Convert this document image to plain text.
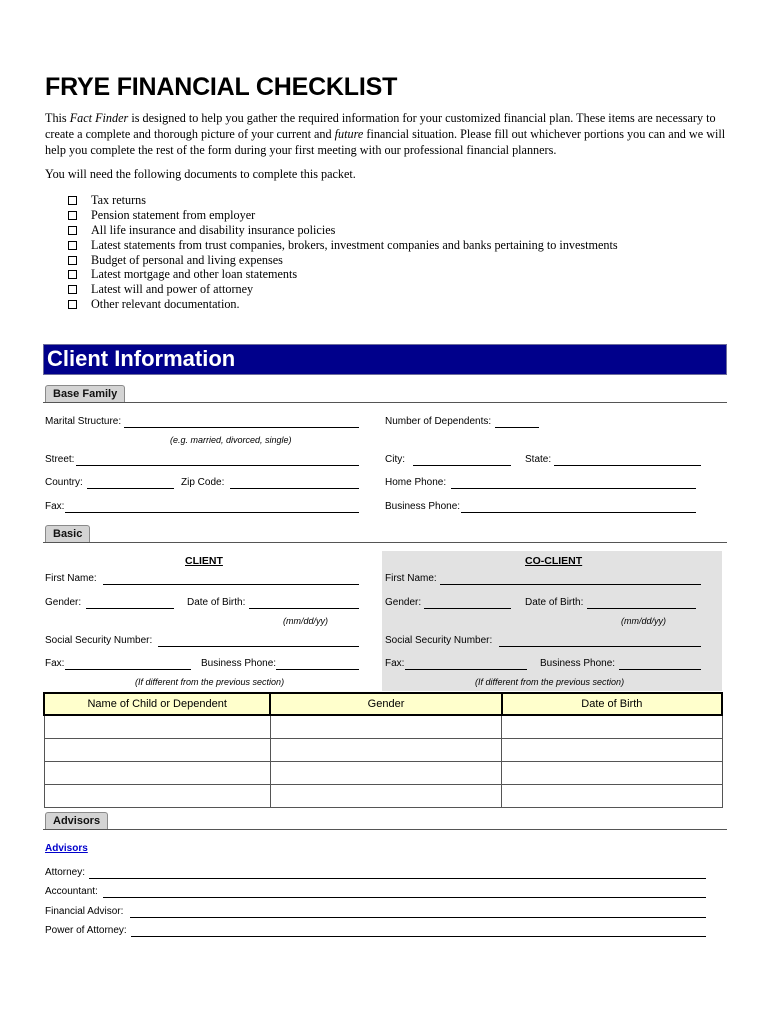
FRYE FINANCIAL CHECKLIST
This Fact Finder is designed to help you gather the required information for your customized financial plan. These items are necessary to create a complete and thorough picture of your current and future financial situation. Please fill out whichever portions you can and we will help you complete the rest of the form during your first meeting with our professional financial planners.
You will need the following documents to complete this packet.
Tax returns
Pension statement from employer
All life insurance and disability insurance policies
Latest statements from trust companies, brokers, investment companies and banks pertaining to investments
Budget of personal and living expenses
Latest mortgage and other loan statements
Latest will and power of attorney
Other relevant documentation.
Client Information
Base Family
Marital Structure:
(e.g. married, divorced, single)
Number of Dependents:
Street:	City:	State:
Country:	Zip Code:	Home Phone:
Fax:	Business Phone:
Basic
CLIENT	CO-CLIENT
First Name:
Gender:	Date of Birth:
(mm/dd/yy)
Social Security Number:
Fax:	Business Phone:
(If different from the previous section)
First Name:
Gender:	Date of Birth:
(mm/dd/yy)
Social Security Number:
Fax:	Business Phone:
(If different from the previous section)
Name of Child or Dependent	Gender	Date of Birth

Advisors
Advisors
Attorney:
Accountant:
Financial Advisor:
Power of Attorney:
